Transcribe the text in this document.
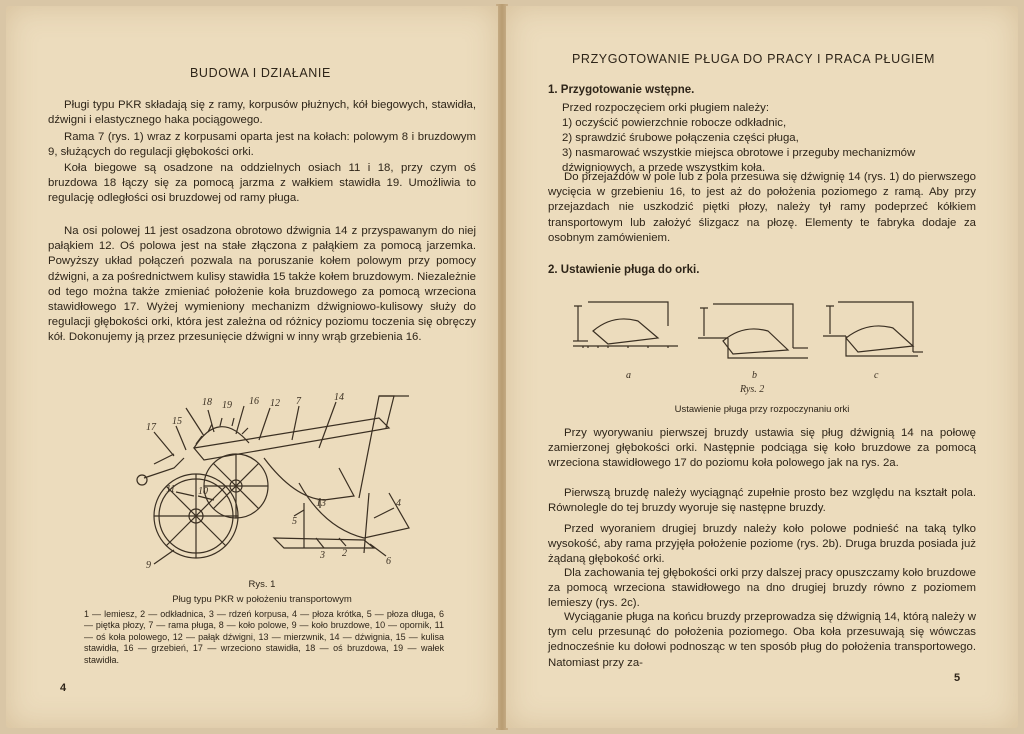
BUDOWA I DZIAŁANIE
Pługi typu PKR składają się z ramy, korpusów płużnych, kół biegowych, stawidła, dźwigni i elastycznego haka pociągowego.
Rama 7 (rys. 1) wraz z korpusami oparta jest na kołach: polowym 8 i bruzdowym 9, służących do regulacji głębokości orki.
Koła biegowe są osadzone na oddzielnych osiach 11 i 18, przy czym oś bruzdowa 18 łączy się za pomocą jarzma z wałkiem stawidła 19. Umożliwia to regulację odległości osi bruzdowej od ramy pługa.
Na osi polowej 11 jest osadzona obrotowo dźwignia 14 z przyspawanym do niej pałąkiem 12. Oś polowa jest na stałe złączona z pałąkiem za pomocą jarzemka. Powyższy układ połączeń pozwala na poruszanie kołem polowym przy pomocy dźwigni, a za pośrednictwem kulisy stawidła 15 także kołem bruzdowym. Niezależnie od tego można także zmieniać położenie koła bruzdowego za pomocą wrzeciona stawidłowego 17. Wyżej wymieniony mechanizm dźwigniowo-kulisowy służy do regulacji głębokości orki, która jest zależna od różnicy poziomu toczenia się obręczy kół. Dokonujemy ją przez przesunięcie dźwigni w inny wrąb grzebienia 16.
18 19 16 12 7	14
17
15
11 10
9
13
5
3 2
6
4
Rys. 1
Pług typu PKR w położeniu transportowym
1 — lemiesz, 2 — odkładnica, 3 — rdzeń korpusa, 4 — płoza krótka, 5 — płoza długa, 6 — piętka płozy, 7 — rama pługa, 8 — koło polowe, 9 — koło bruzdowe, 10 — opornik, 11 — oś koła polowego, 12 — pałąk dźwigni, 13 — mierzwnik, 14 — dźwignia, 15 — kulisa stawidła, 16 — grzebień, 17 — wrzeciono stawidła, 18 — oś bruzdowa, 19 — wałek stawidła.
4
PRZYGOTOWANIE PŁUGA DO PRACY I PRACA PŁUGIEM
1. Przygotowanie wstępne.
Przed rozpoczęciem orki pługiem należy:
1) oczyścić powierzchnie robocze odkładnic,
2) sprawdzić śrubowe połączenia części pługa,
3) nasmarować wszystkie miejsca obrotowe i przeguby mechanizmów dźwigniowych, a przede wszystkim koła.
Do przejazdów w pole lub z pola przesuwa się dźwignię 14 (rys. 1) do pierwszego wycięcia w grzebieniu 16, to jest aż do położenia poziomego z ramą. Aby przy przejazdach nie uszkodzić piętki płozy, należy tył ramy podeprzeć kółkiem transportowym lub założyć ślizgacz na płozę. Elementy te fabryka dodaje za osobnym zamówieniem.
2. Ustawienie pługa do orki.
a	b	c
Rys. 2
Ustawienie pługa przy rozpoczynaniu orki
Przy wyorywaniu pierwszej bruzdy ustawia się pług dźwignią 14 na połowę zamierzonej głębokości orki. Następnie podciąga się koło bruzdowe za pomocą wrzeciona stawidłowego 17 do poziomu koła polowego jak na rys. 2a.
Pierwszą bruzdę należy wyciągnąć zupełnie prosto bez względu na kształt pola. Równolegle do tej bruzdy wyoruje się następne bruzdy.
Przed wyoraniem drugiej bruzdy należy koło polowe podnieść na taką tylko wysokość, aby rama przyjęła położenie poziome (rys. 2b). Druga bruzda posiada już żądaną głębokość orki.
Dla zachowania tej głębokości orki przy dalszej pracy opuszczamy koło bruzdowe za pomocą wrzeciona stawidłowego na dno drugiej bruzdy równo z poziomem lemieszy (rys. 2c).
Wyciąganie pługa na końcu bruzdy przeprowadza się dźwignią 14, którą należy w tym celu przesunąć do położenia poziomego. Oba koła przesuwają się wówczas jednocześnie ku dołowi podnosząc w ten sposób pług do położenia transportowego. Natomiast przy za-
5
